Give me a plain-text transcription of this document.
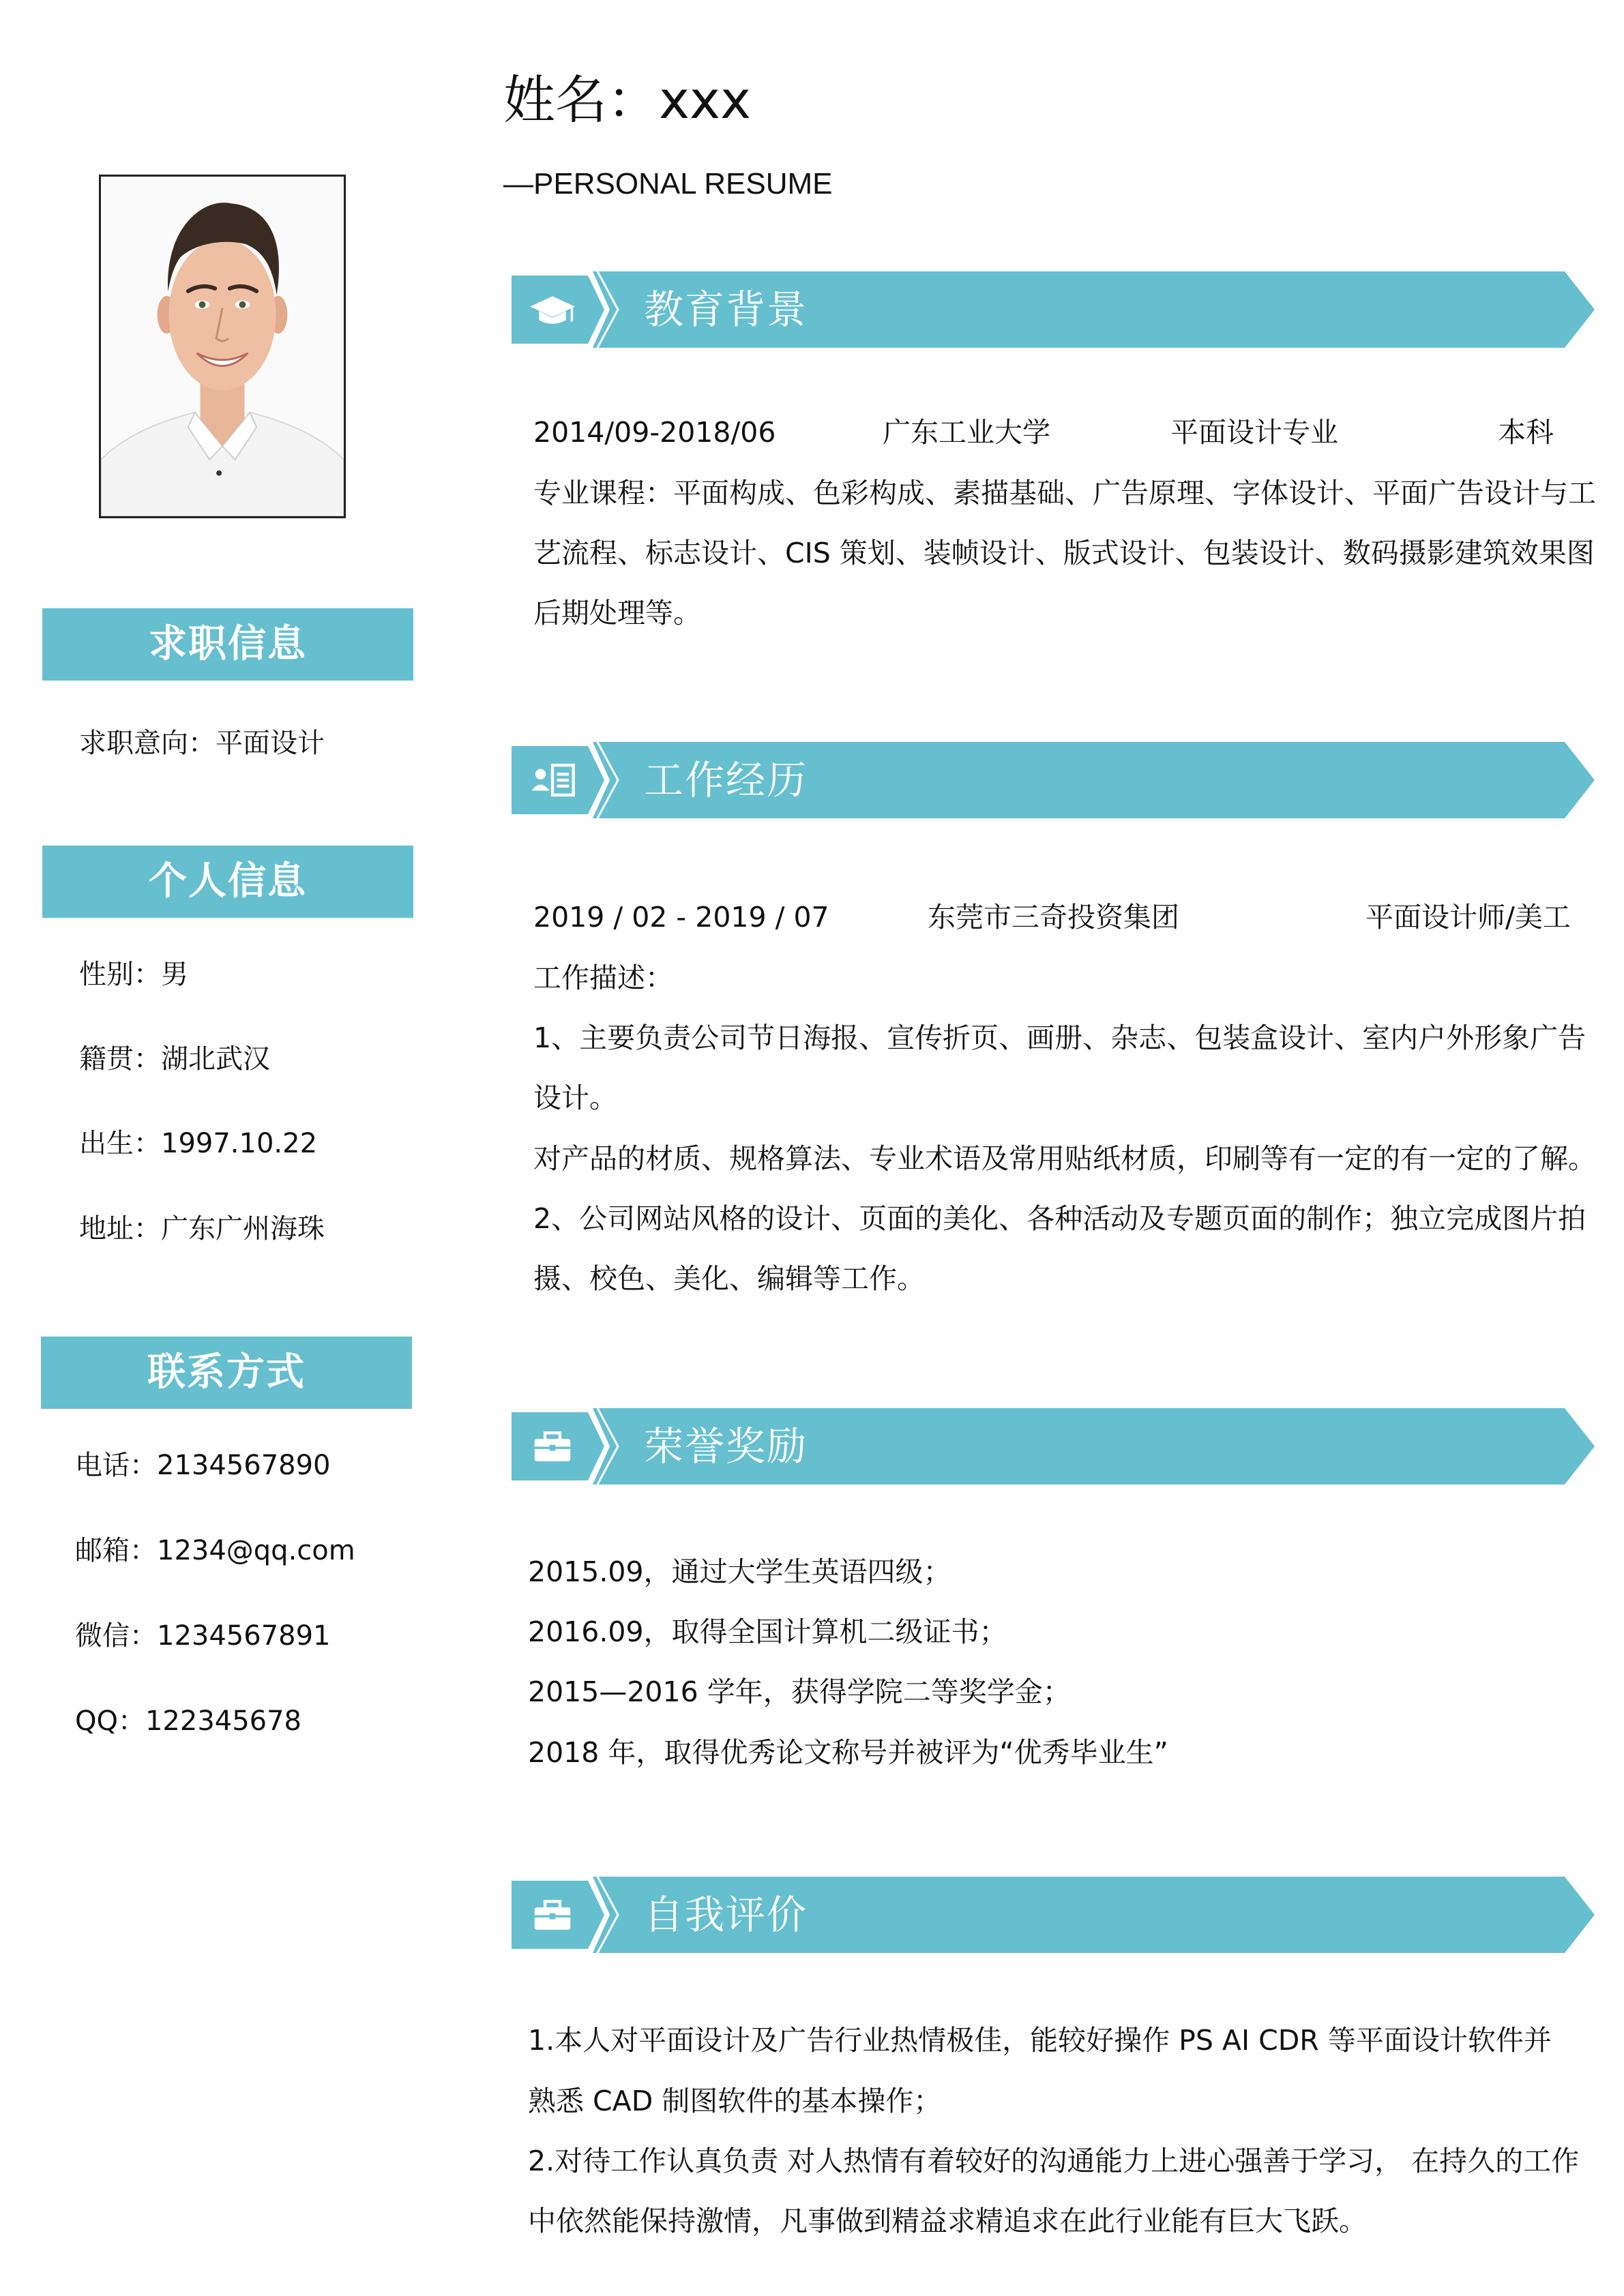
姓名：xxx
—PERSONAL RESUME
求职信息
求职意向：平面设计
个人信息
性别：男
籍贯：湖北武汉
出生：1997.10.22
地址：广东广州海珠
联系方式
电话：2134567890
邮箱：1234@qq.com
微信：1234567891
QQ：122345678
教育背景
2014/09-2018/06	广东工业大学	平面设计专业	本科
专业课程：平面构成、色彩构成、素描基础、广告原理、字体设计、平面广告设计与工
艺流程、标志设计、CIS 策划、装帧设计、版式设计、包装设计、数码摄影建筑效果图
后期处理等。
工作经历
2019 / 02 - 2019 / 07	东莞市三奇投资集团	平面设计师/美工
工作描述：
1、主要负责公司节日海报、宣传折页、画册、杂志、包装盒设计、室内户外形象广告
设计。
对产品的材质、规格算法、专业术语及常用贴纸材质，印刷等有一定的有一定的了解。
2、公司网站风格的设计、页面的美化、各种活动及专题页面的制作；独立完成图片拍
摄、校色、美化、编辑等工作。
荣誉奖励
2015.09，通过大学生英语四级；
2016.09，取得全国计算机二级证书；
2015—2016 学年，获得学院二等奖学金；
2018 年，取得优秀论文称号并被评为“优秀毕业生”
自我评价
1.本人对平面设计及广告行业热情极佳，能较好操作 PS AI CDR 等平面设计软件并
熟悉 CAD 制图软件的基本操作；
2.对待工作认真负责 对人热情有着较好的沟通能力上进心强善于学习， 在持久的工作
中依然能保持激情，凡事做到精益求精追求在此行业能有巨大飞跃。
